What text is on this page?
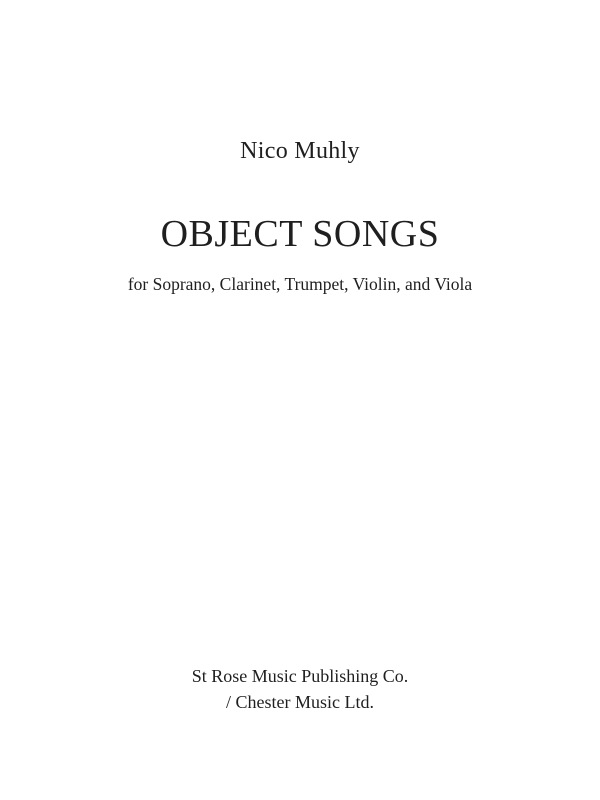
Nico Muhly
OBJECT SONGS
for Soprano, Clarinet, Trumpet, Violin, and Viola
St Rose Music Publishing Co.
/ Chester Music Ltd.
